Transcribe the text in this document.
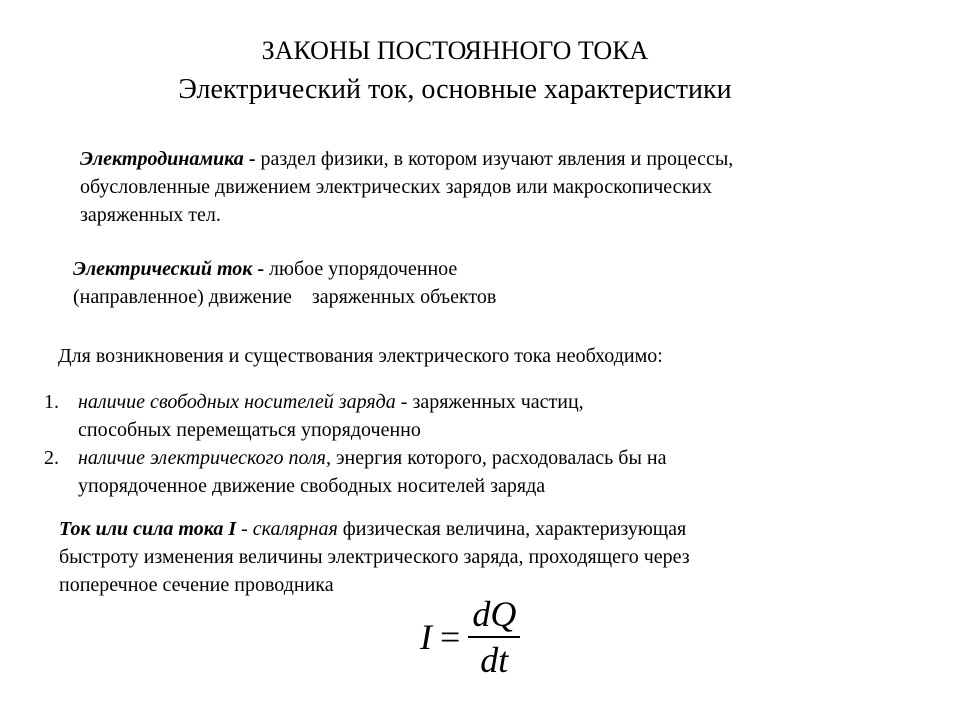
ЗАКОНЫ ПОСТОЯННОГО ТОКА
Электрический ток, основные характеристики
Электродинамика - раздел физики, в котором изучают явления и процессы,
обусловленные движением электрических зарядов или макроскопических
заряженных тел.
Электрический ток - любое упорядоченное
(направленное) движение    заряженных объектов
Для возникновения и существования электрического тока необходимо:
1. наличие свободных носителей заряда - заряженных частиц,
способных перемещаться упорядоченно
2. наличие электрического поля, энергия которого, расходовалась бы на
упорядоченное движение свободных носителей заряда
Ток или сила тока I - скалярная физическая величина, характеризующая
быстроту изменения величины электрического заряда, проходящего через
поперечное сечение проводника
$I = \frac{dQ}{dt}$
